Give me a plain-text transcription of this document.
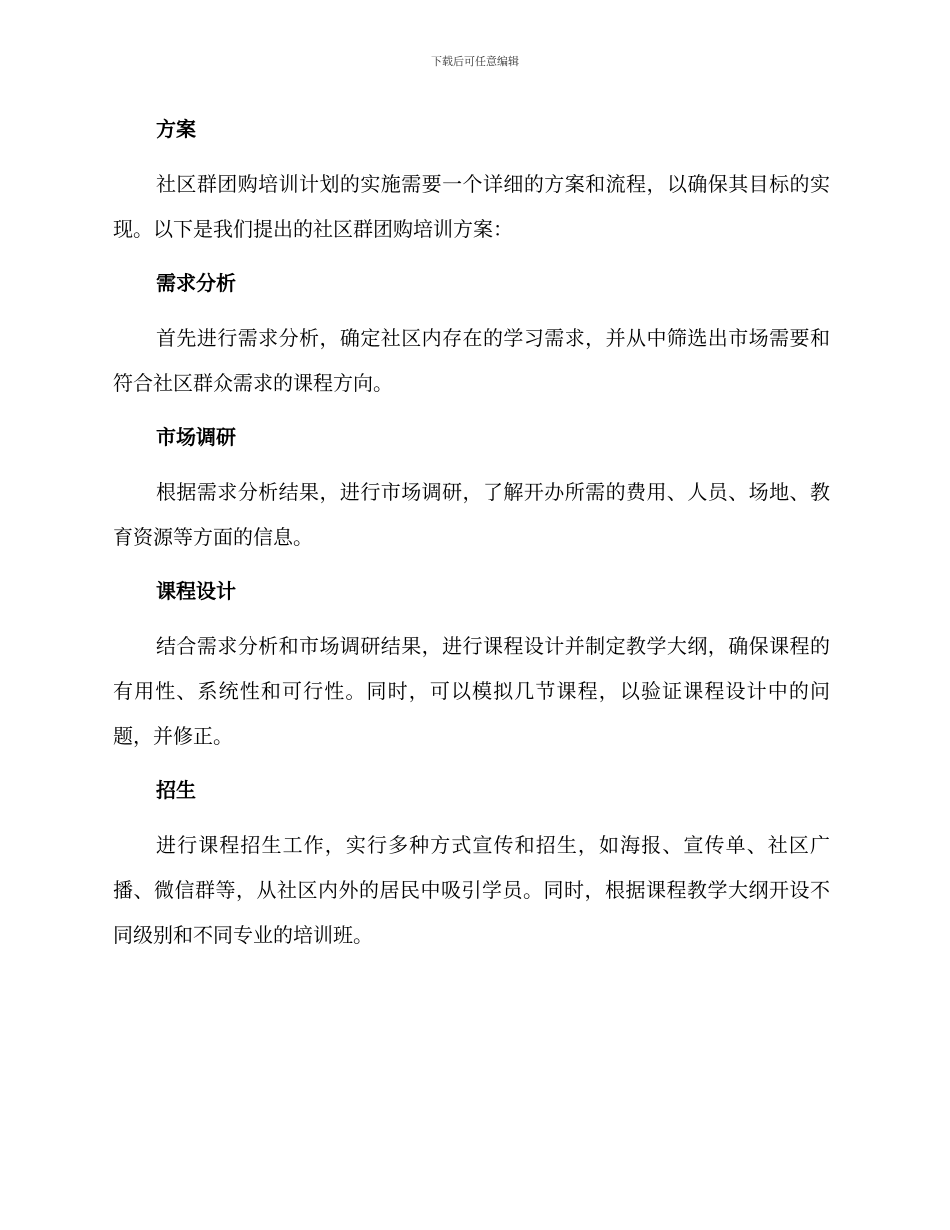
下载后可任意编辑
方案

社区群团购培训计划的实施需要一个详细的方案和流程，以确保其目标的实现。以下是我们提出的社区群团购培训方案：

需求分析

首先进行需求分析，确定社区内存在的学习需求，并从中筛选出市场需要和符合社区群众需求的课程方向。

市场调研

根据需求分析结果，进行市场调研，了解开办所需的费用、人员、场地、教育资源等方面的信息。

课程设计

结合需求分析和市场调研结果，进行课程设计并制定教学大纲，确保课程的有用性、系统性和可行性。同时，可以模拟几节课程，以验证课程设计中的问题，并修正。

招生

进行课程招生工作，实行多种方式宣传和招生，如海报、宣传单、社区广播、微信群等，从社区内外的居民中吸引学员。同时，根据课程教学大纲开设不同级别和不同专业的培训班。
